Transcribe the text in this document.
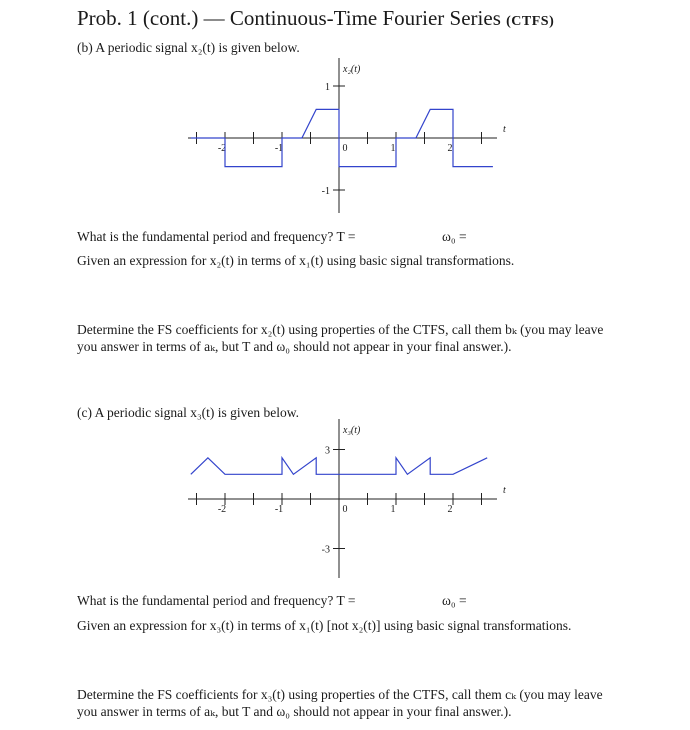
Prob. 1 (cont.) — Continuous-Time Fourier Series (CTFS)
(b) A periodic signal x₂(t) is given below.
-2	-1	0	1	2
1
-1
x₂(t)
t
What is the fundamental period and frequency? T =	ω₀ =
Given an expression for x₂(t) in terms of x₁(t) using basic signal transformations.
Determine the FS coefficients for x₂(t) using properties of the CTFS, call them bₖ (you may leave you answer in terms of aₖ, but T and ω₀ should not appear in your final answer.).
(c) A periodic signal x₃(t) is given below.
-2	-1	0	1	2
3
-3
x₃(t)
t
What is the fundamental period and frequency? T =	ω₀ =
Given an expression for x₃(t) in terms of x₁(t) [not x₂(t)] using basic signal transformations.
Determine the FS coefficients for x₃(t) using properties of the CTFS, call them cₖ (you may leave you answer in terms of aₖ, but T and ω₀ should not appear in your final answer.).
